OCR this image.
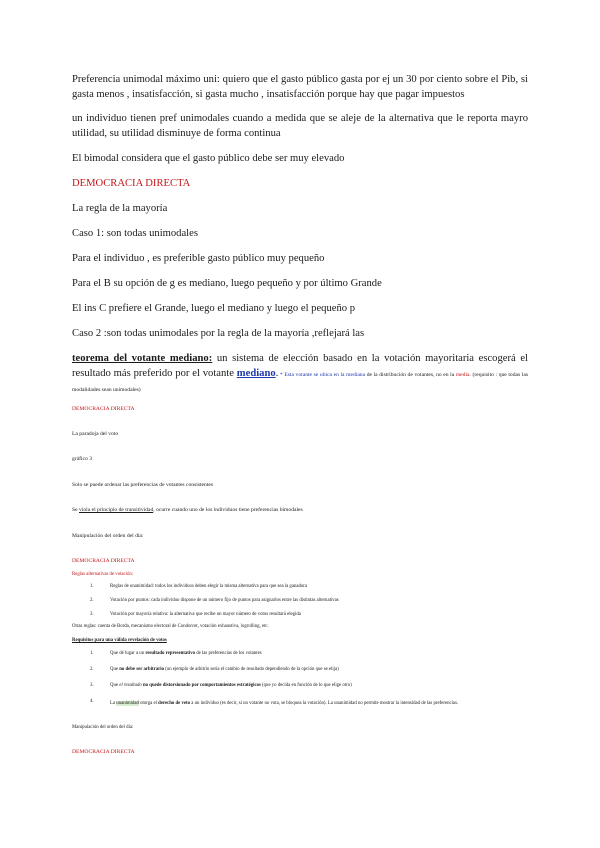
Preferencia unimodal máximo uni: quiero que el gasto público gasta por ej un 30 por ciento sobre el Pib, si gasta menos , insatisfacción, si gasta mucho , insatisfacción porque hay que pagar impuestos

un individuo tienen pref unimodales cuando a medida que se aleje de la alternativa que le reporta mayro utilidad, su utilidad disminuye de forma continua

El bimodal considera que el gasto público debe ser muy elevado

DEMOCRACIA DIRECTA

La regla de la mayoría

Caso 1: son todas unimodales

Para el individuo , es preferible gasto público muy pequeño

Para el B su opción de g es mediano, luego pequeño y por último Grande

El ins C prefiere el Grande, luego el mediano y luego el pequeño p

Caso 2 :son todas unimodales por la regla de la mayoría ,reflejará las

teorema del votante mediano: un sistema de elección basado en la votación mayoritaria escogerá el resultado más preferido por el votante mediano. * Esta votante se ubica en la mediana de la distribución de votantes, no en la media. (requisito : que todas las modalidades sean unimodales)

DEMOCRACIA DIRECTA

La paradoja del voto

gráfico 3

Solo se puede ordenar las preferencias de votantes consistentes

Se viola el principio de transitividad, ocurre cuando uno de los individuos tiene preferencias bimodales

Manipulación del orden del día:

DEMOCRACIA DIRECTA

Reglas alternativas de votación:

1.	Reglas de unanimidad: todos los individuos deben elegir la misma alternativa para que sea la ganadora
2.	Votación por puntos: cada individuo dispone de un número fijo de puntos para asignarlos entre las distintas alternativas
3.	Votación por mayoría relativa: la alternativa que recibe un mayor número de votos resultará elegida

Otras reglas: cuenta de Borda, mecanismo electoral de Condorcet, votación exhaustiva, logrolling, etc.

Requisitos para una válida revelación de votos

1.	Que dé lugar a un resultado representativo de las preferencias de los votantes
2.	Que no debe ser arbitrario (un ejemplo de arbitrio sería el cambio de resultado dependiendo de la opción que se elija)
3.	Que el resultado no quede distorsionado por comportamientos estratégicos (que yo decida en función de lo que elige otro)
4.	La unanimidad otorga el derecho de veto a un individuo (es decir, si un votante no vota, se bloquea la votación). La unanimidad no permite mostrar la intensidad de las preferencias.

Manipulación del orden del día:

DEMOCRACIA DIRECTA
